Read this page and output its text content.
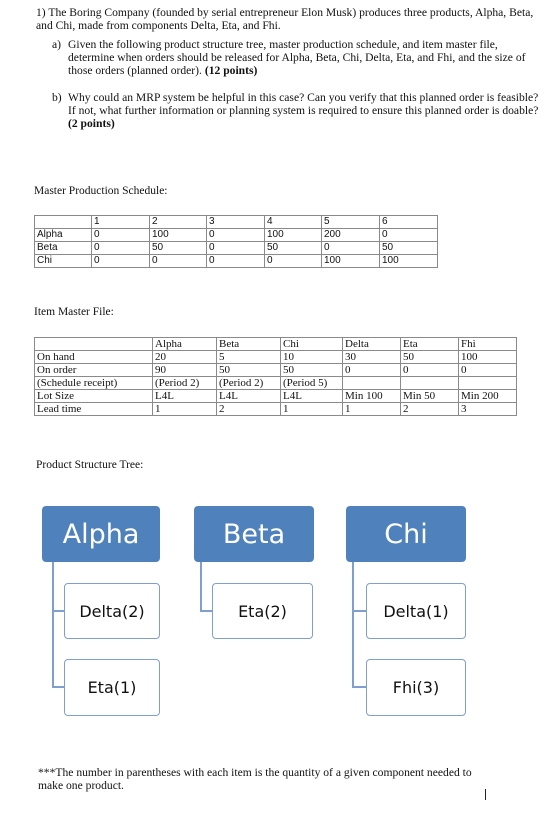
1) The Boring Company (founded by serial entrepreneur Elon Musk) produces three products, Alpha, Beta, and Chi, made from components Delta, Eta, and Fhi.
a) Given the following product structure tree, master production schedule, and item master file, determine when orders should be released for Alpha, Beta, Chi, Delta, Eta, and Fhi, and the size of those orders (planned order). (12 points)
b) Why could an MRP system be helpful in this case? Can you verify that this planned order is feasible? If not, what further information or planning system is required to ensure this planned order is doable? (2 points)
Master Production Schedule:
	1	2	3	4	5	6
Alpha	0	100	0	100	200	0
Beta	0	50	0	50	0	50
Chi	0	0	0	0	100	100
Item Master File:
	Alpha	Beta	Chi	Delta	Eta	Fhi
On hand	20	5	10	30	50	100
On order	90	50	50	0	0	0
(Schedule receipt)	(Period 2)	(Period 2)	(Period 5)			
Lot Size	L4L	L4L	L4L	Min 100	Min 50	Min 200
Lead time	1	2	1	1	2	3
Product Structure Tree:
Alpha	Beta	Chi
Delta(2)
Eta(1)
Eta(2)	Delta(1)
Fhi(3)
***The number in parentheses with each item is the quantity of a given component needed to make one product.
